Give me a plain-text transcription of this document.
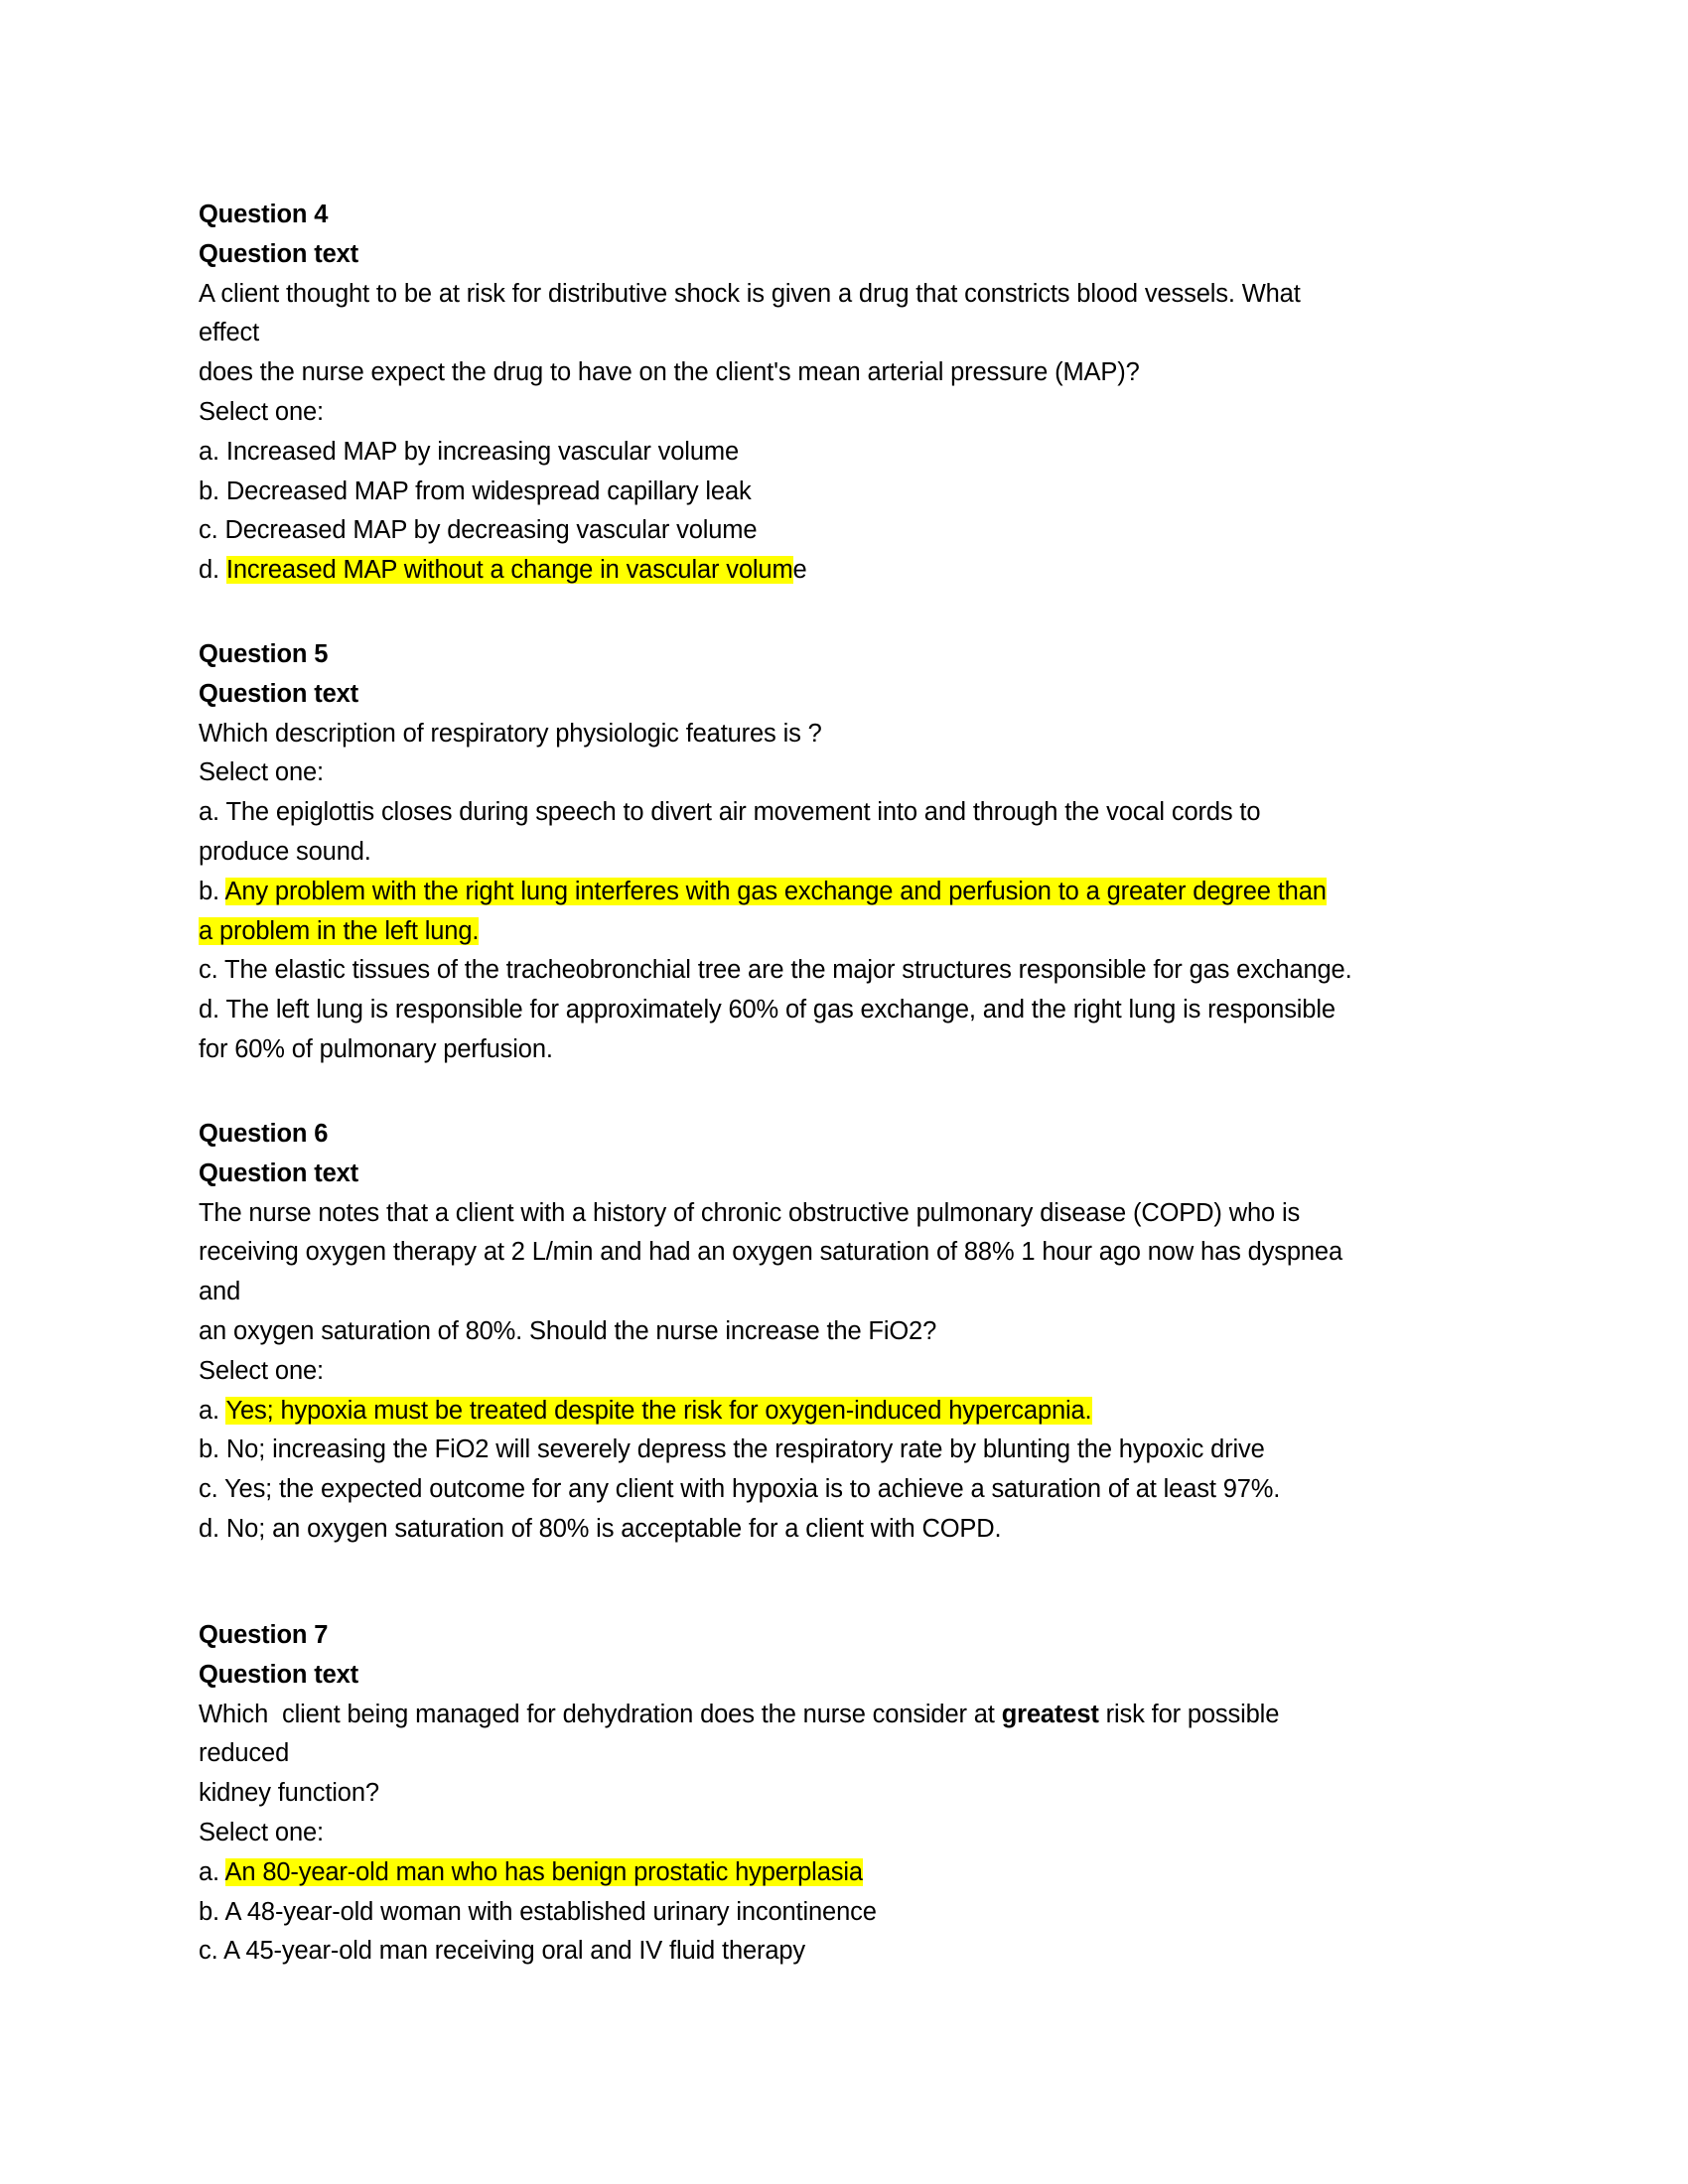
Question 4
Question text
A client thought to be at risk for distributive shock is given a drug that constricts blood vessels. What
effect
does the nurse expect the drug to have on the client's mean arterial pressure (MAP)?
Select one:
a. Increased MAP by increasing vascular volume
b. Decreased MAP from widespread capillary leak
c. Decreased MAP by decreasing vascular volume
d. Increased MAP without a change in vascular volume
Question 5
Question text
Which description of respiratory physiologic features is ?
Select one:
a. The epiglottis closes during speech to divert air movement into and through the vocal cords to
produce sound.
b. Any problem with the right lung interferes with gas exchange and perfusion to a greater degree than
a problem in the left lung.
c. The elastic tissues of the tracheobronchial tree are the major structures responsible for gas exchange.
d. The left lung is responsible for approximately 60% of gas exchange, and the right lung is responsible
for 60% of pulmonary perfusion.
Question 6
Question text
The nurse notes that a client with a history of chronic obstructive pulmonary disease (COPD) who is
receiving oxygen therapy at 2 L/min and had an oxygen saturation of 88% 1 hour ago now has dyspnea
and
an oxygen saturation of 80%. Should the nurse increase the FiO2?
Select one:
a. Yes; hypoxia must be treated despite the risk for oxygen-induced hypercapnia.
b. No; increasing the FiO2 will severely depress the respiratory rate by blunting the hypoxic drive
c. Yes; the expected outcome for any client with hypoxia is to achieve a saturation of at least 97%.
d. No; an oxygen saturation of 80% is acceptable for a client with COPD.
Question 7
Question text
Which  client being managed for dehydration does the nurse consider at greatest risk for possible
reduced
kidney function?
Select one:
a. An 80-year-old man who has benign prostatic hyperplasia
b. A 48-year-old woman with established urinary incontinence
c. A 45-year-old man receiving oral and IV fluid therapy
